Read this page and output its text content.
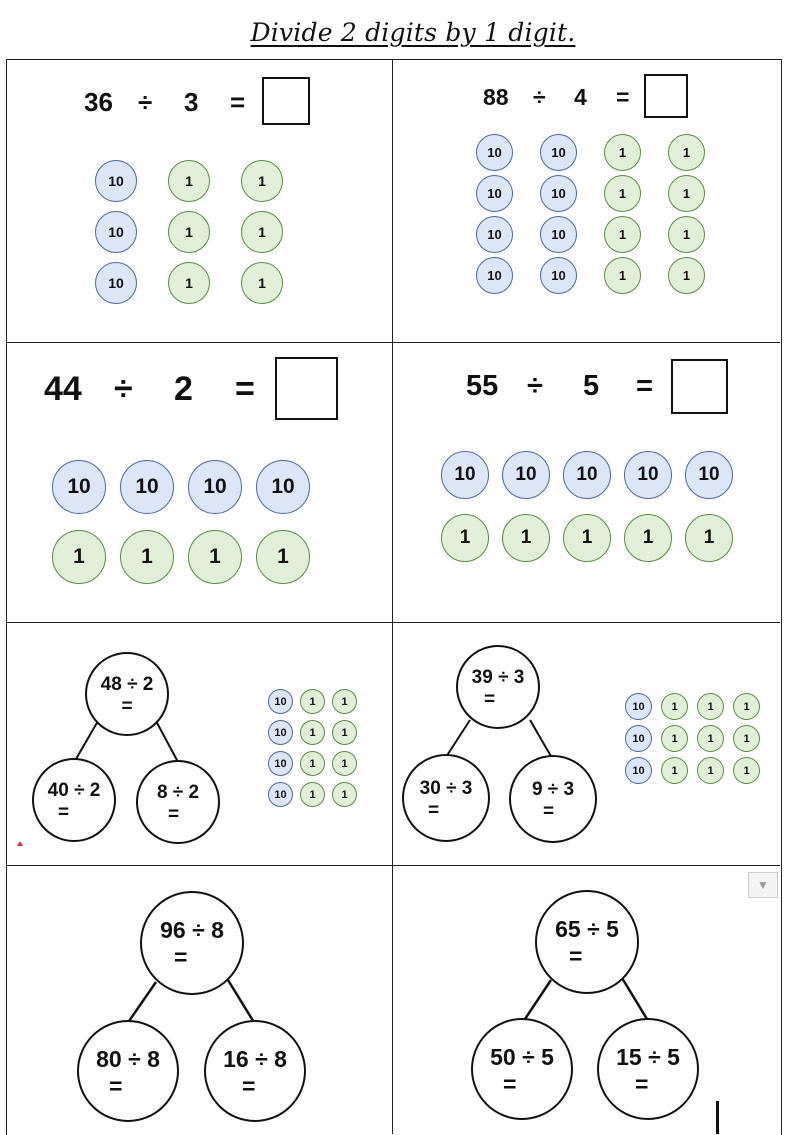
Divide 2 digits by 1 digit.
36 ÷ 3 =
10	1	1
10	1	1
10	1	1
88 ÷ 4 =
10	10	1	1
10	10	1	1
10	10	1	1
10	10	1	1
44 ÷ 2 =
10	10	10	10
1	1	1	1
55 ÷ 5 =
10	10	10	10	10
1	1	1	1	1
48 ÷ 2
=
40 ÷ 2
=
8 ÷ 2
=
10	1	1
10	1	1
10	1	1
10	1	1
39 ÷ 3
=
30 ÷ 3
=
9 ÷ 3
=
10	1	1	1
10	1	1	1
10	1	1	1
96 ÷ 8
=
80 ÷ 8
=
16 ÷ 8
=
65 ÷ 5
=
50 ÷ 5
=
15 ÷ 5
=
▼
